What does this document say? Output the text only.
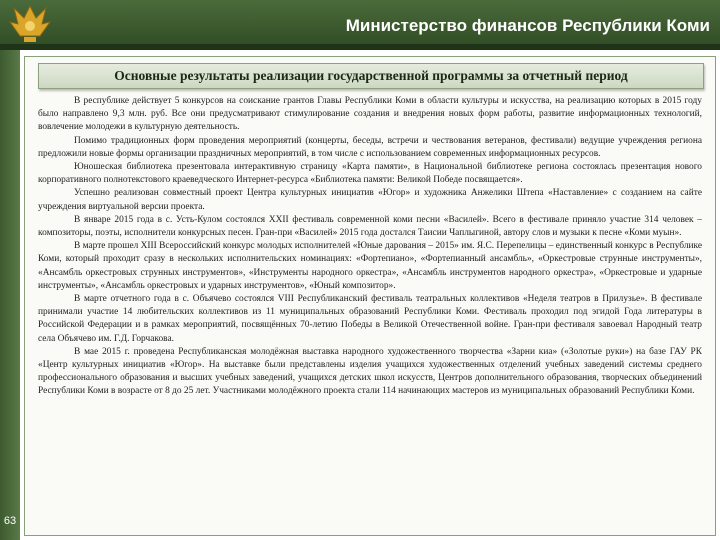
Министерство финансов Республики Коми
63
Основные результаты реализации государственной программы за отчетный период

В республике действует 5 конкурсов на соискание грантов Главы Республики Коми в области культуры и искусства, на реализацию которых в 2015 году было направлено 9,3 млн. руб. Все они предусматривают стимулирование создания и внедрения новых форм работы, развитие информационных технологий, вовлечение молодежи в культурную деятельность.

Помимо традиционных форм проведения мероприятий (концерты, беседы, встречи и чествования ветеранов, фестивали) ведущие учреждения региона предложили новые формы организации праздничных мероприятий, в том числе с использованием современных информационных ресурсов.

Юношеская библиотека презентовала интерактивную страницу «Карта памяти», в Национальной библиотеке региона состоялась презентация нового корпоративного полнотекстового краеведческого Интернет-ресурса «Библиотека памяти: Великой Победе посвящается».

Успешно реализован совместный проект Центра культурных инициатив «Югор» и художника Анжелики Штепа «Наставление» с созданием на сайте учреждения виртуальной версии проекта.

В январе 2015 года в с. Усть-Кулом состоялся XXII фестиваль современной коми песни «Василей». Всего в фестивале приняло участие 314 человек – композиторы, поэты, исполнители конкурсных песен. Гран-при «Василей» 2015 года достался Таисии Чаплыгиной, автору слов и музыки к песне «Коми муын».

В марте прошел XIII Всероссийский конкурс молодых исполнителей «Юные дарования – 2015» им. Я.С. Перепелицы – единственный конкурс в Республике Коми, который проходит сразу в нескольких исполнительских номинациях: «Фортепиано», «Фортепианный ансамбль», «Оркестровые струнные инструменты», «Ансамбль оркестровых струнных инструментов», «Инструменты народного оркестра», «Ансамбль инструментов народного оркестра», «Оркестровые и ударные инструменты», «Ансамбль оркестровых и ударных инструментов», «Юный композитор».

В марте отчетного года в с. Объячево состоялся VIII Республиканский фестиваль театральных коллективов «Неделя театров в Прилузье». В фестивале принимали участие 14 любительских коллективов из 11 муниципальных образований Республики Коми. Фестиваль проходил под эгидой Года литературы в Российской Федерации и в рамках мероприятий, посвящённых 70-летию Победы в Великой Отечественной войне. Гран-при фестиваля завоевал Народный театр села Объячево им. Г.Д. Горчакова.

В мае 2015 г. проведена Республиканская молодёжная выставка народного художественного творчества «Зарни киа» («Золотые руки») на базе ГАУ РК «Центр культурных инициатив «Югор». На выставке были представлены изделия учащихся художественных отделений учебных заведений системы среднего профессионального образования и высших учебных заведений, учащихся детских школ искусств, Центров дополнительного образования, творческих объединений Республики Коми в возрасте от 8 до 25 лет. Участниками молодёжного проекта стали 114 начинающих мастеров из муниципальных образований Республики Коми.
